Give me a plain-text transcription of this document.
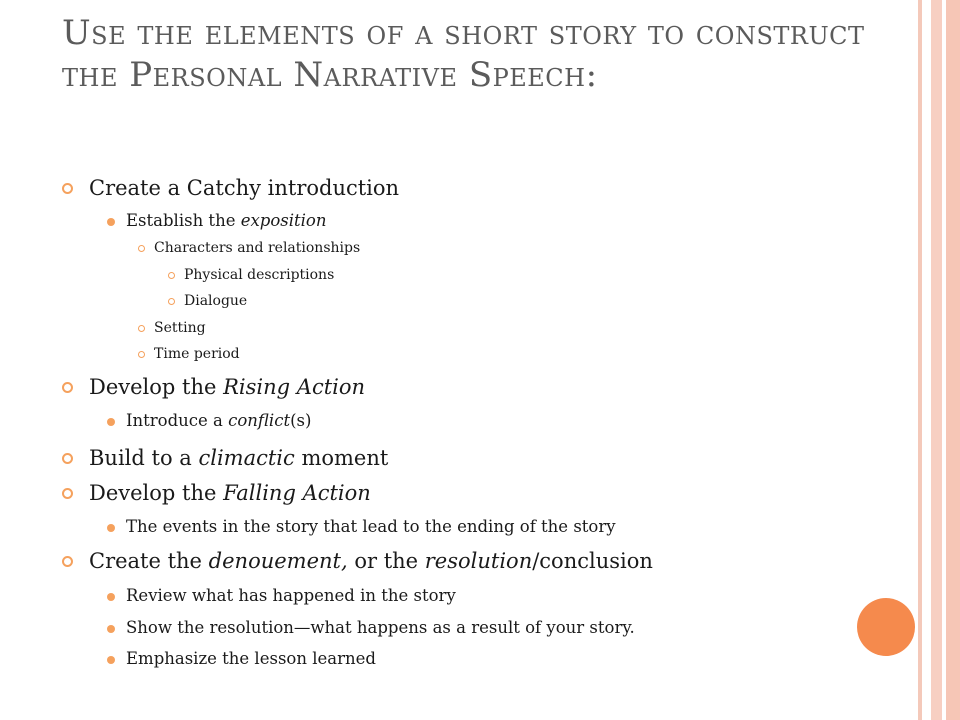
Use the elements of a short story to construct the Personal Narrative Speech:
Create a Catchy introduction
Establish the exposition
Characters and relationships
Physical descriptions
Dialogue
Setting
Time period
Develop the Rising Action
Introduce a conflict(s)
Build to a climactic moment
Develop the Falling Action
The events in the story that lead to the ending of the story
Create the denouement, or the resolution/conclusion
Review what has happened in the story
Show the resolution—what happens as a result of your story.
Emphasize the lesson learned
